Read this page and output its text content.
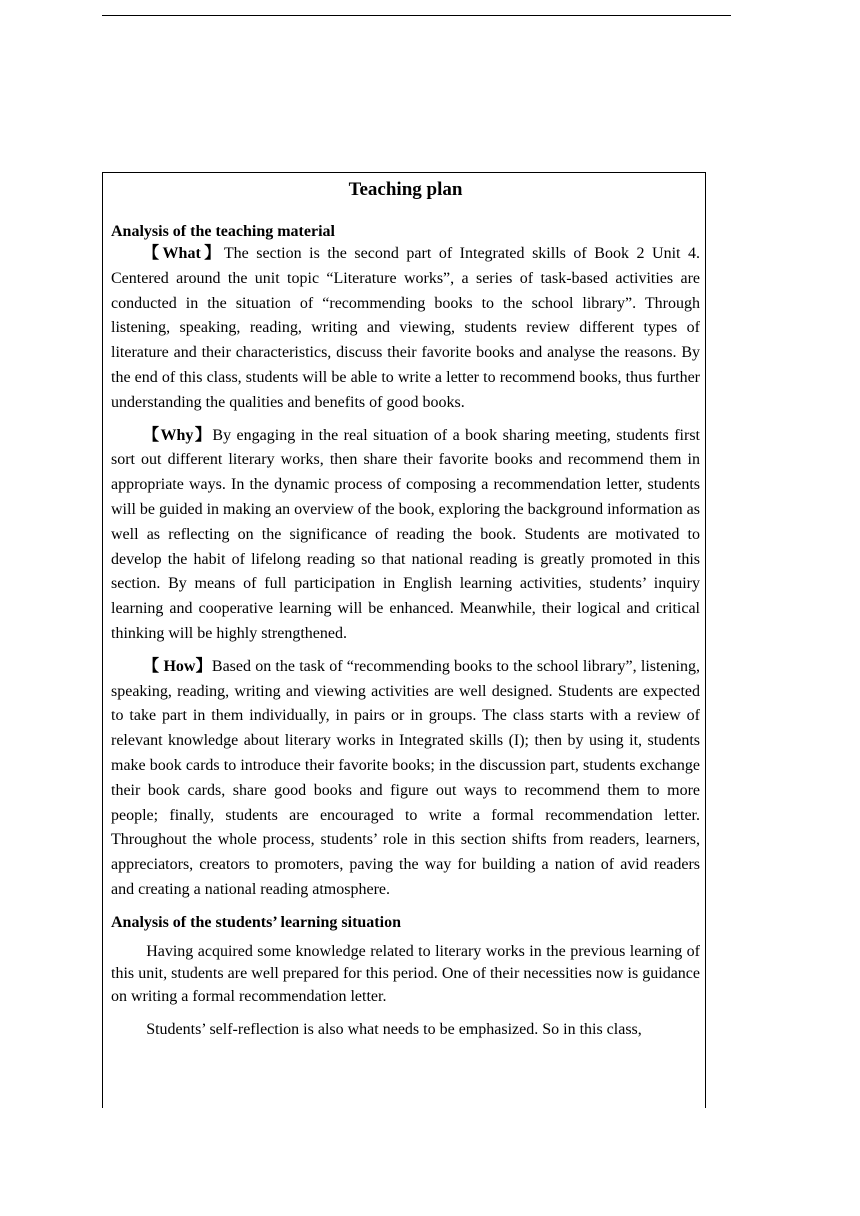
Teaching plan

Analysis of the teaching material

【What】The section is the second part of Integrated skills of Book 2 Unit 4. Centered around the unit topic “Literature works”, a series of task-based activities are conducted in the situation of “recommending books to the school library”. Through listening, speaking, reading, writing and viewing, students review different types of literature and their characteristics, discuss their favorite books and analyse the reasons. By the end of this class, students will be able to write a letter to recommend books, thus further understanding the qualities and benefits of good books.

【Why】By engaging in the real situation of a book sharing meeting, students first sort out different literary works, then share their favorite books and recommend them in appropriate ways. In the dynamic process of composing a recommendation letter, students will be guided in making an overview of the book, exploring the background information as well as reflecting on the significance of reading the book. Students are motivated to develop the habit of lifelong reading so that national reading is greatly promoted in this section. By means of full participation in English learning activities, students’ inquiry learning and cooperative learning will be enhanced. Meanwhile, their logical and critical thinking will be highly strengthened.

【 How】Based on the task of “recommending books to the school library”, listening, speaking, reading, writing and viewing activities are well designed. Students are expected to take part in them individually, in pairs or in groups. The class starts with a review of relevant knowledge about literary works in Integrated skills (I); then by using it, students make book cards to introduce their favorite books; in the discussion part, students exchange their book cards, share good books and figure out ways to recommend them to more people; finally, students are encouraged to write a formal recommendation letter. Throughout the whole process, students’ role in this section shifts from readers, learners, appreciators, creators to promoters, paving the way for building a nation of avid readers and creating a national reading atmosphere.

Analysis of the students’ learning situation

Having acquired some knowledge related to literary works in the previous learning of this unit, students are well prepared for this period. One of their necessities now is guidance on writing a formal recommendation letter.

Students’ self-reflection is also what needs to be emphasized. So in this class,
